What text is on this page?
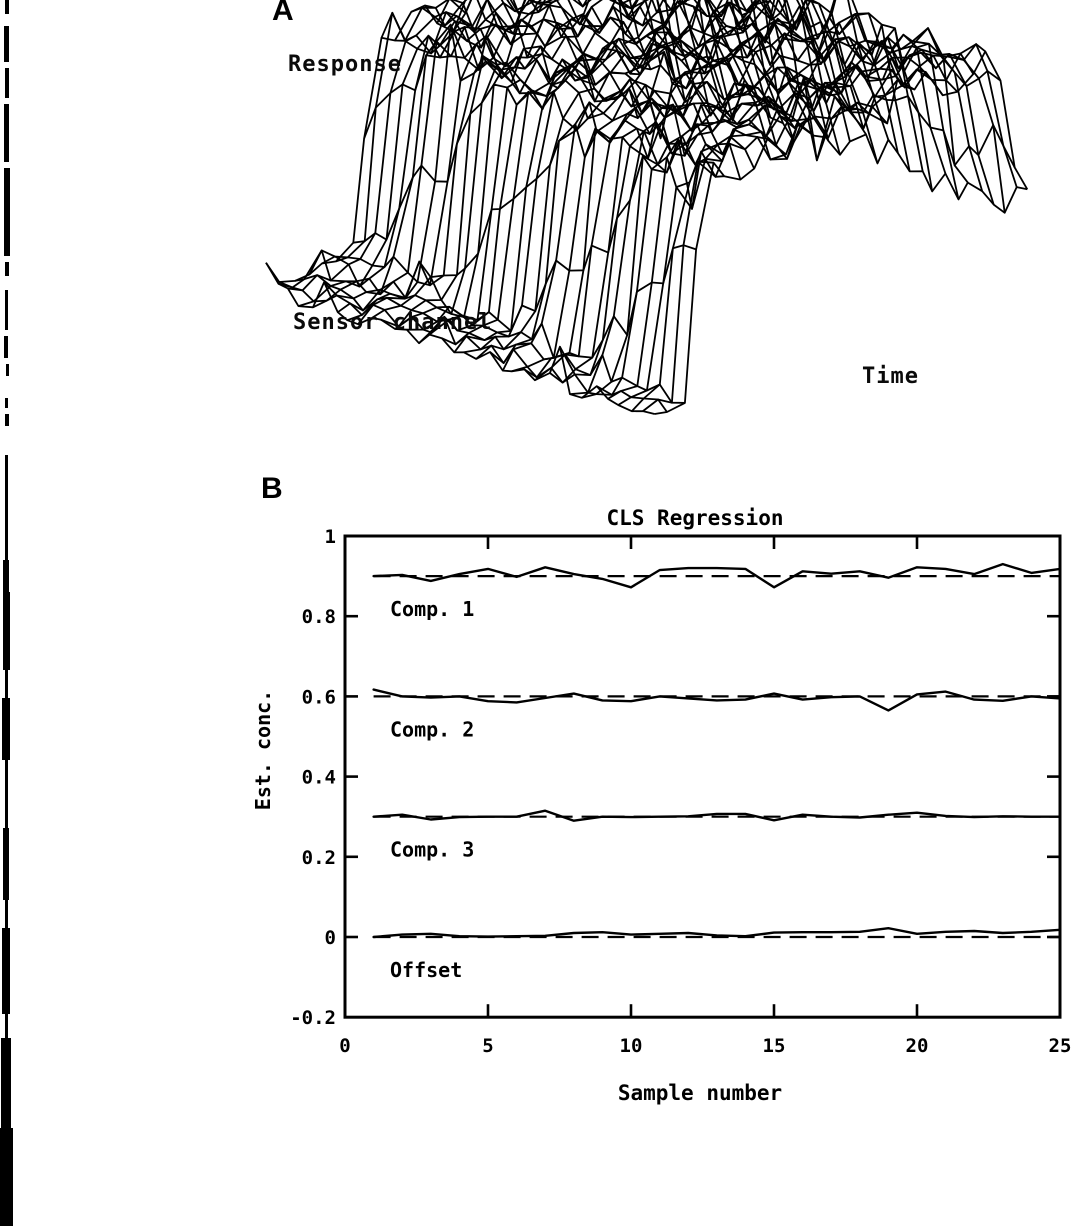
A
Response
Sensor channel
Time
B
CLS Regression
Est. conc.
Sample number
-0.2
0
0.2
0.4
0.6
0.8
1
0	5	10	15	20	25
Comp. 1
Comp. 2
Comp. 3
Offset
